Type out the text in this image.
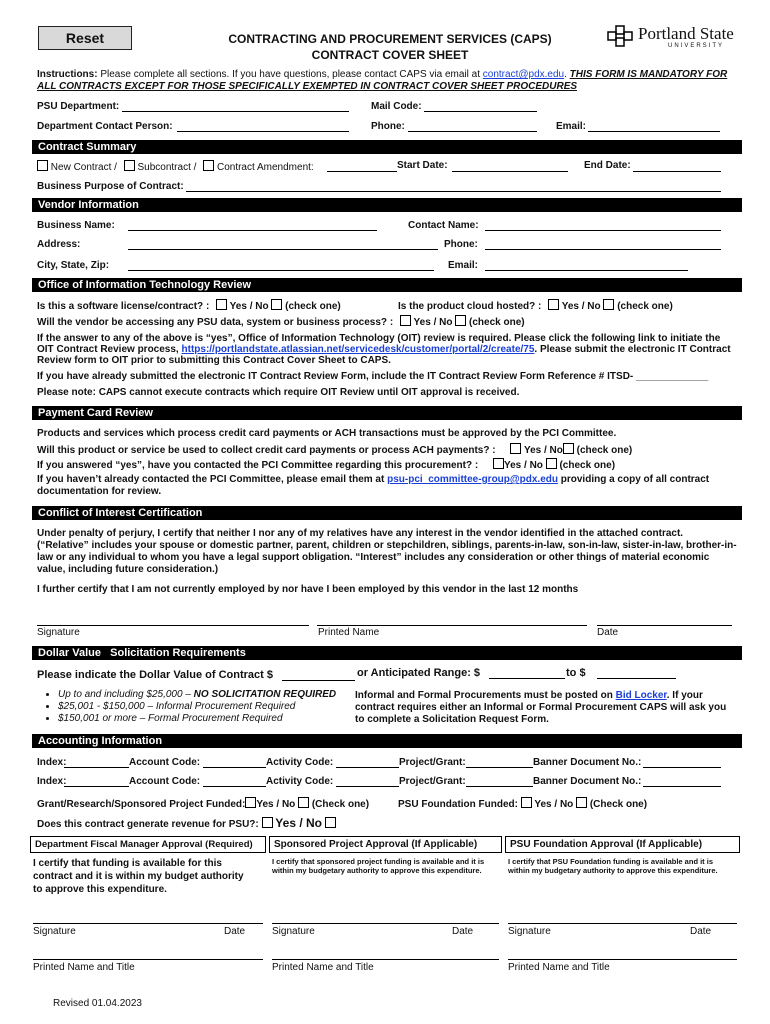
Reset	CONTRACTING AND PROCUREMENT SERVICES (CAPS)
CONTRACT COVER SHEET
Portland State
UNIVERSITY
Instructions: Please complete all sections. If you have questions, please contact CAPS via email at contract@pdx.edu. THIS FORM IS MANDATORY FOR ALL CONTRACTS EXCEPT FOR THOSE SPECIFICALLY EXEMPTED IN CONTRACT COVER SHEET PROCEDURES
PSU Department:	Mail Code:
Department Contact Person:	Phone:	Email:
Contract Summary
New Contract / Subcontract / Contract Amendment:	Start Date:	End Date:
Business Purpose of Contract:
Vendor Information
Business Name:	Contact Name:
Address:	Phone:
City, State, Zip:	Email:
Office of Information Technology Review
Is this a software license/contract? : Yes / No (check one)	Is the product cloud hosted? : Yes / No (check one)
Will the vendor be accessing any PSU data, system or business process? : Yes / No (check one)
If the answer to any of the above is “yes”, Office of Information Technology (OIT) review is required. Please click the following link to initiate the OIT Contract Review process, https://portlandstate.atlassian.net/servicedesk/customer/portal/2/create/75. Please submit the electronic IT Contract Review form to OIT prior to submitting this Contract Cover Sheet to CAPS.
If you have already submitted the electronic IT Contract Review Form, include the IT Contract Review Form Reference # ITSD- _____________
Please note: CAPS cannot execute contracts which require OIT Review until OIT approval is received.
Payment Card Review
Products and services which process credit card payments or ACH transactions must be approved by the PCI Committee.
Will this product or service be used to collect credit card payments or process ACH payments? :	Yes / No (check one)
If you answered “yes”, have you contacted the PCI Committee regarding this procurement? :	Yes / No (check one)
If you haven’t already contacted the PCI Committee, please email them at psu-pci_committee-group@pdx.edu providing a copy of all contract documentation for review.
Conflict of Interest Certification
Under penalty of perjury, I certify that neither I nor any of my relatives have any interest in the vendor identified in the attached contract. (“Relative” includes your spouse or domestic partner, parent, children or stepchildren, siblings, parents-in-law, son-in-law, sister-in-law, brother-in-law or any individual to whom you have a legal support obligation. “Interest” includes any consideration or other things of material economic value, including future consideration.)
I further certify that I am not currently employed by nor have I been employed by this vendor in the last 12 months
Signature	Printed Name	Date
Dollar Value   Solicitation Requirements
Please indicate the Dollar Value of Contract $	or Anticipated Range: $	to $
• Up to and including $25,000 – NO SOLICITATION REQUIRED
• $25,001 - $150,000 – Informal Procurement Required
• $150,001 or more – Formal Procurement Required
Informal and Formal Procurements must be posted on Bid Locker. If your contract requires either an Informal or Formal Procurement CAPS will ask you to complete a Solicitation Request Form.
Accounting Information
Index:	Account Code:	Activity Code:	Project/Grant:	Banner Document No.:
Index:	Account Code:	Activity Code:	Project/Grant:	Banner Document No.:
Grant/Research/Sponsored Project Funded: Yes / No (Check one)	PSU Foundation Funded: Yes / No (Check one)
Does this contract generate revenue for PSU?: Yes / No
Department Fiscal Manager Approval (Required)
I certify that funding is available for this contract and it is within my budget authority to approve this expenditure.
Signature	Date
Printed Name and Title
Sponsored Project Approval (If Applicable)
I certify that sponsored project funding is available and it is within my budgetary authority to approve this expenditure.
Signature	Date
Printed Name and Title
PSU Foundation Approval (If Applicable)
I certify that PSU Foundation funding is available and it is within my budgetary authority to approve this expenditure.
Signature	Date
Printed Name and Title
Revised 01.04.2023
